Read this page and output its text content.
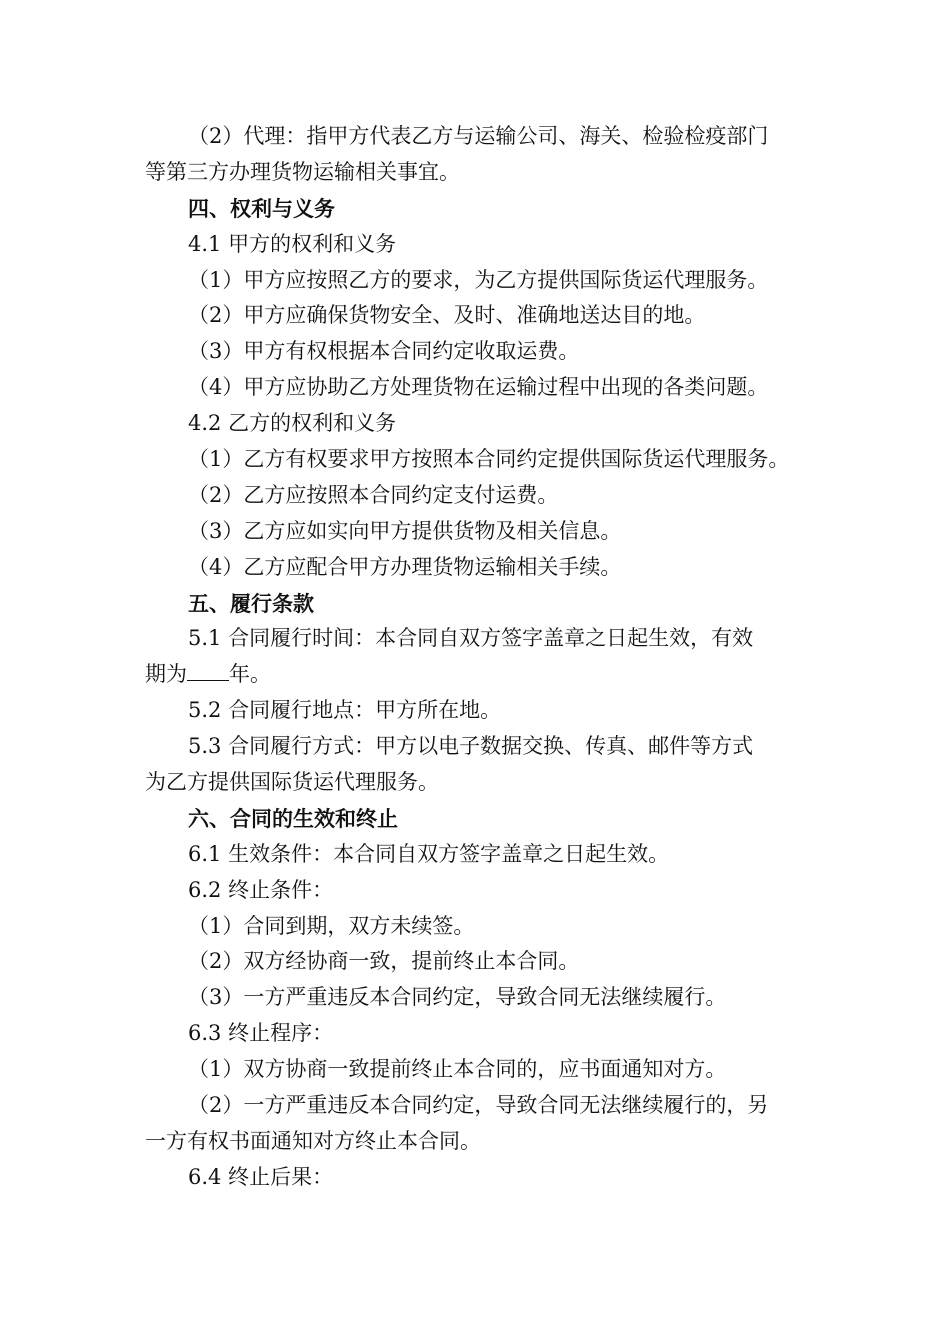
（2）代理：指甲方代表乙方与运输公司、海关、检验检疫部门
等第三方办理货物运输相关事宜。
四、权利与义务
4.1 甲方的权利和义务
（1）甲方应按照乙方的要求，为乙方提供国际货运代理服务。
（2）甲方应确保货物安全、及时、准确地送达目的地。
（3）甲方有权根据本合同约定收取运费。
（4）甲方应协助乙方处理货物在运输过程中出现的各类问题。
4.2 乙方的权利和义务
（1）乙方有权要求甲方按照本合同约定提供国际货运代理服务。
（2）乙方应按照本合同约定支付运费。
（3）乙方应如实向甲方提供货物及相关信息。
（4）乙方应配合甲方办理货物运输相关手续。
五、履行条款
5.1 合同履行时间：本合同自双方签字盖章之日起生效，有效
期为 年。
5.2 合同履行地点：甲方所在地。
5.3 合同履行方式：甲方以电子数据交换、传真、邮件等方式
为乙方提供国际货运代理服务。
六、合同的生效和终止
6.1 生效条件：本合同自双方签字盖章之日起生效。
6.2 终止条件：
（1）合同到期，双方未续签。
（2）双方经协商一致，提前终止本合同。
（3）一方严重违反本合同约定，导致合同无法继续履行。
6.3 终止程序：
（1）双方协商一致提前终止本合同的，应书面通知对方。
（2）一方严重违反本合同约定，导致合同无法继续履行的，另
一方有权书面通知对方终止本合同。
6.4 终止后果：
